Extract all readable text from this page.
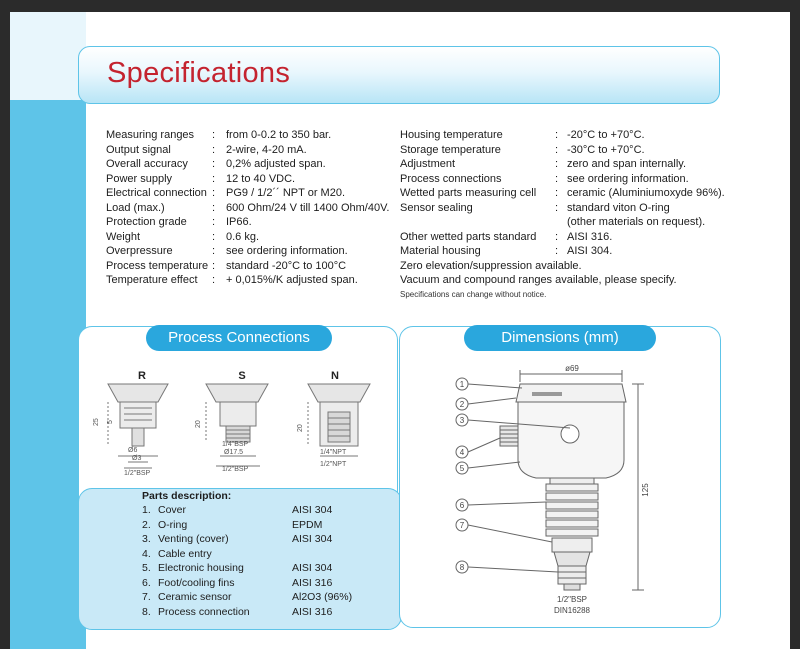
Specifications
Measuring ranges	: from 0-0.2 to 350 bar.
Output signal	: 2-wire, 4-20 mA.
Overall accuracy	: 0,2% adjusted span.
Power supply	: 12 to 40 VDC.
Electrical connection : PG9 / 1/2´´ NPT or M20.
Load (max.)	: 600 Ohm/24 V till 1400 Ohm/40V.
Protection grade	: IP66.
Weight	: 0.6 kg.
Overpressure	: see ordering information.
Process temperature : standard -20°C to 100°C
Temperature effect	: + 0,015%/K adjusted span.
Housing temperature	: -20°C to +70°C.
Storage temperature	: -30°C to +70°C.
Adjustment	: zero and span internally.
Process connections	: see ordering information.
Wetted parts measuring cell	: ceramic (Aluminiumoxyde 96%).
Sensor sealing	: standard viton O-ring
(other materials on request).
Other wetted parts standard	: AISI 316.
Material housing	: AISI 304.
Zero elevation/suppression available.
Vacuum and compound ranges available, please specify.
Specifications can change without notice.
Process Connections
R	S	N
25 5
Ø6
Ø3
1/2"BSP
20
1/4"BSP
Ø17.5
1/2"BSP
20
1/4"NPT
1/2"NPT
Parts description:
1. Cover	AISI 304
2. O-ring	EPDM
3. Venting (cover)	AISI 304
4. Cable entry
5. Electronic housing	AISI 304
6. Foot/cooling fins	AISI 316
7. Ceramic sensor	Al2O3 (96%)
8. Process connection	AISI 316
Dimensions (mm)
1
2
3
4
5
6
7
8
ø69
125
1/2"BSP
DIN16288
